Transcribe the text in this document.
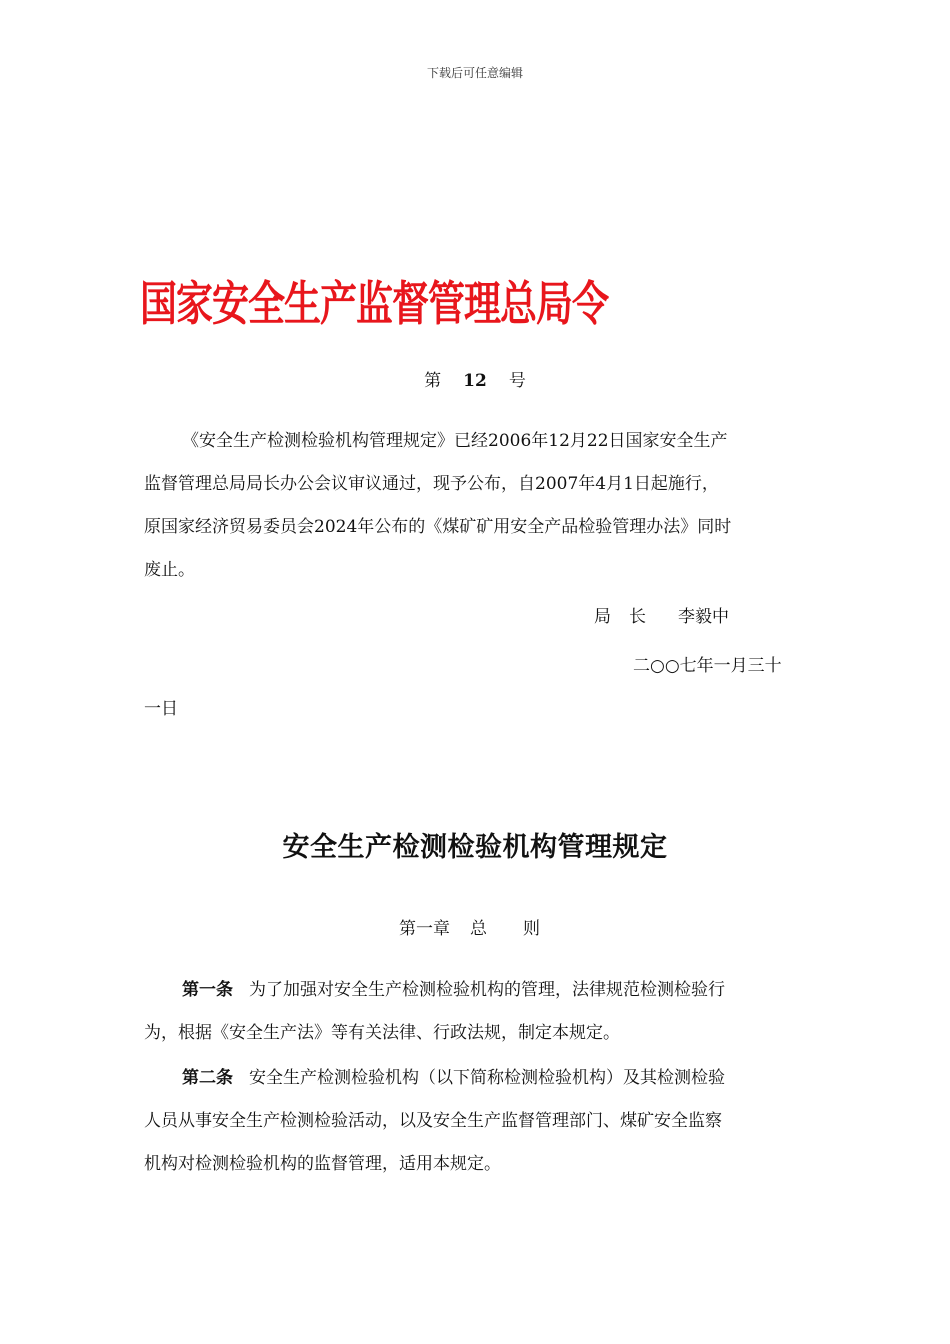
下载后可任意编辑
国家安全生产监督管理总局令
第 12 号
《安全生产检测检验机构管理规定》已经2006年12月22日国家安全生产
监督管理总局局长办公会议审议通过，现予公布，自2007年4月1日起施行，
原国家经济贸易委员会2024年公布的《煤矿矿用安全产品检验管理办法》同时
废止。
局长 李毅中
二○○七年一月三十
一日
安全生产检测检验机构管理规定
第一章 总 则
第一条 为了加强对安全生产检测检验机构的管理，法律规范检测检验行
为，根据《安全生产法》等有关法律、行政法规，制定本规定。
第二条 安全生产检测检验机构（以下简称检测检验机构）及其检测检验
人员从事安全生产检测检验活动，以及安全生产监督管理部门、煤矿安全监察
机构对检测检验机构的监督管理，适用本规定。
